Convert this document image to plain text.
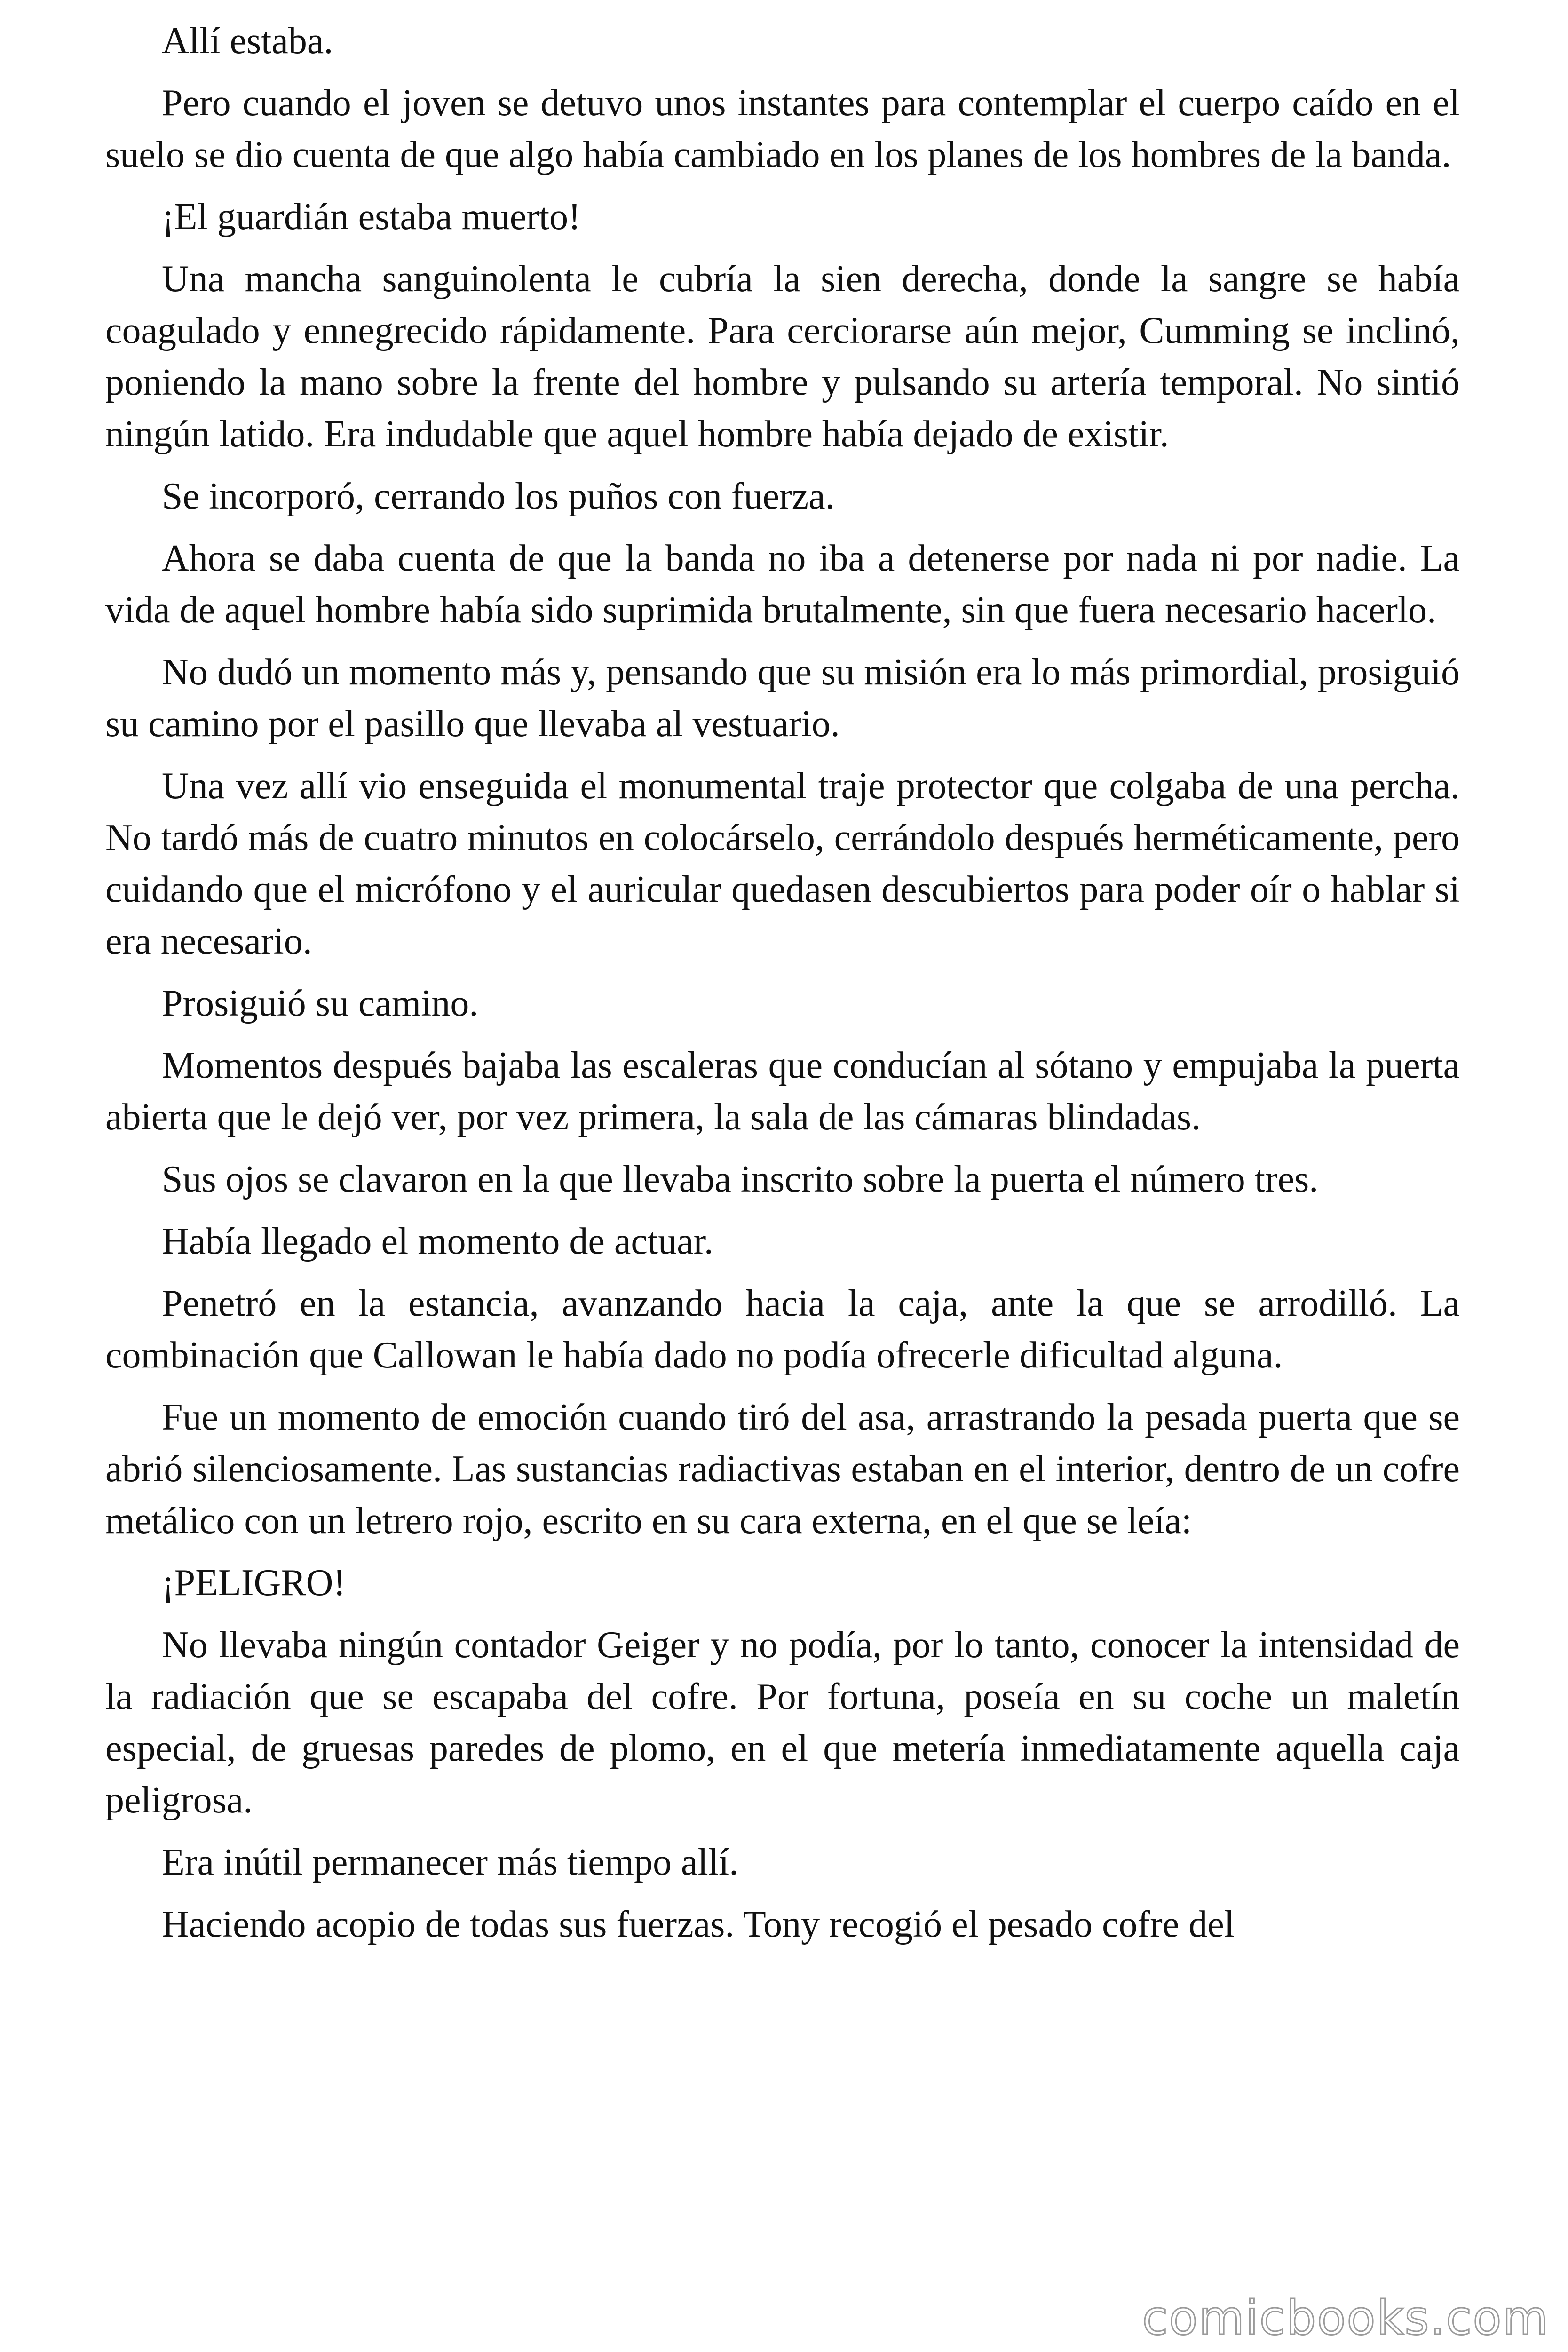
Allí estaba.

Pero cuando el joven se detuvo unos instantes para contemplar el cuerpo caído en el suelo se dio cuenta de que algo había cambiado en los planes de los hombres de la banda.

¡El guardián estaba muerto!

Una mancha sanguinolenta le cubría la sien derecha, donde la sangre se había coagulado y ennegrecido rápidamente. Para cerciorarse aún mejor, Cumming se inclinó, poniendo la mano sobre la frente del hombre y pulsando su artería temporal. No sintió ningún latido. Era indudable que aquel hombre había dejado de existir.

Se incorporó, cerrando los puños con fuerza.

Ahora se daba cuenta de que la banda no iba a detenerse por nada ni por nadie. La vida de aquel hombre había sido suprimida brutalmente, sin que fuera necesario hacerlo.

No dudó un momento más y, pensando que su misión era lo más primordial, prosiguió su camino por el pasillo que llevaba al vestuario.

Una vez allí vio enseguida el monumental traje protector que colgaba de una percha. No tardó más de cuatro minutos en colocárselo, cerrándolo después herméticamente, pero cuidando que el micrófono y el auricular quedasen descubiertos para poder oír o hablar si era necesario.

Prosiguió su camino.

Momentos después bajaba las escaleras que conducían al sótano y empujaba la puerta abierta que le dejó ver, por vez primera, la sala de las cámaras blindadas.

Sus ojos se clavaron en la que llevaba inscrito sobre la puerta el número tres.

Había llegado el momento de actuar.

Penetró en la estancia, avanzando hacia la caja, ante la que se arrodilló. La combinación que Callowan le había dado no podía ofrecerle dificultad alguna.

Fue un momento de emoción cuando tiró del asa, arrastrando la pesada puerta que se abrió silenciosamente. Las sustancias radiactivas estaban en el interior, dentro de un cofre metálico con un letrero rojo, escrito en su cara externa, en el que se leía:

¡PELIGRO!

No llevaba ningún contador Geiger y no podía, por lo tanto, conocer la intensidad de la radiación que se escapaba del cofre. Por fortuna, poseía en su coche un maletín especial, de gruesas paredes de plomo, en el que metería inmediatamente aquella caja peligrosa.

Era inútil permanecer más tiempo allí.

Haciendo acopio de todas sus fuerzas. Tony recogió el pesado cofre del

comicbooks.com
